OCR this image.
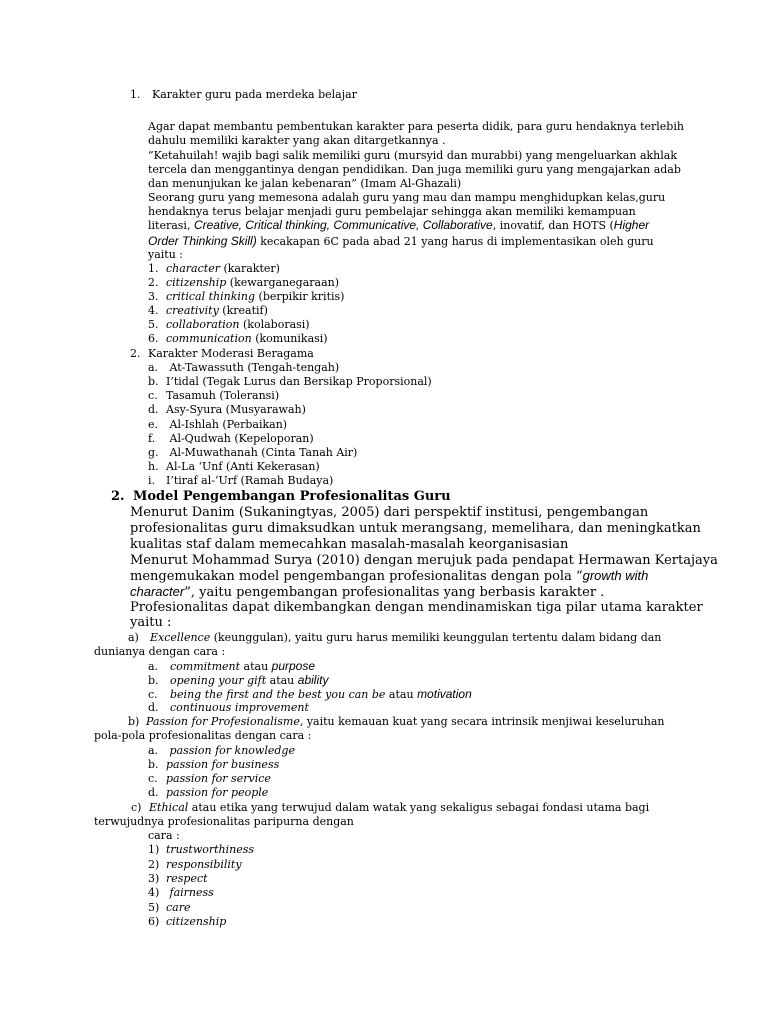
1. Karakter guru pada merdeka belajar
Agar dapat membantu pembentukan karakter para peserta didik, para guru hendaknya terlebih
dahulu memiliki karakter yang akan ditargetkannya .
“Ketahuilah! wajib bagi salik memiliki guru (mursyid dan murabbi) yang mengeluarkan akhlak
tercela dan menggantinya dengan pendidikan. Dan juga memiliki guru yang mengajarkan adab
dan menunjukan ke jalan kebenaran” (Imam Al-Ghazali)
Seorang guru yang memesona adalah guru yang mau dan mampu menghidupkan kelas,guru
hendaknya terus belajar menjadi guru pembelajar sehingga akan memiliki kemampuan
literasi, Creative, Critical thinking, Communicative, Collaborative, inovatif, dan HOTS (Higher
Order Thinking Skill) kecakapan 6C pada abad 21 yang harus di implementasikan oleh guru
yaitu :
1. character (karakter)
2. citizenship (kewarganegaraan)
3. critical thinking (berpikir kritis)
4. creativity (kreatif)
5. collaboration (kolaborasi)
6. communication (komunikasi)
2. Karakter Moderasi Beragama
a. At-Tawassuth (Tengah-tengah)
b. I’tidal (Tegak Lurus dan Bersikap Proporsional)
c. Tasamuh (Toleransi)
d. Asy-Syura (Musyarawah)
e. Al-Ishlah (Perbaikan)
f. Al-Qudwah (Kepeloporan)
g. Al-Muwathanah (Cinta Tanah Air)
h. Al-La ‘Unf (Anti Kekerasan)
i. I’tiraf al-‘Urf (Ramah Budaya)
2. Model Pengembangan Profesionalitas Guru
Menurut Danim (Sukaningtyas, 2005) dari perspektif institusi, pengembangan
profesionalitas guru dimaksudkan untuk merangsang, memelihara, dan meningkatkan
kualitas staf dalam memecahkan masalah-masalah keorganisasian
Menurut Mohammad Surya (2010) dengan merujuk pada pendapat Hermawan Kertajaya
mengemukakan model pengembangan profesionalitas dengan pola “growth with
character”, yaitu pengembangan profesionalitas yang berbasis karakter .
Profesionalitas dapat dikembangkan dengan mendinamiskan tiga pilar utama karakter
yaitu :
a) Excellence (keunggulan), yaitu guru harus memiliki keunggulan tertentu dalam bidang dan
dunianya dengan cara :
a. commitment atau purpose
b. opening your gift atau ability
c. being the first and the best you can be atau motivation
d. continuous improvement
b) Passion for Profesionalisme, yaitu kemauan kuat yang secara intrinsik menjiwai keseluruhan
pola-pola profesionalitas dengan cara :
a. passion for knowledge
b. passion for business
c. passion for service
d. passion for people
c) Ethical atau etika yang terwujud dalam watak yang sekaligus sebagai fondasi utama bagi
terwujudnya profesionalitas paripurna dengan
cara :
1) trustworthiness
2) responsibility
3) respect
4) fairness
5) care
6) citizenship
